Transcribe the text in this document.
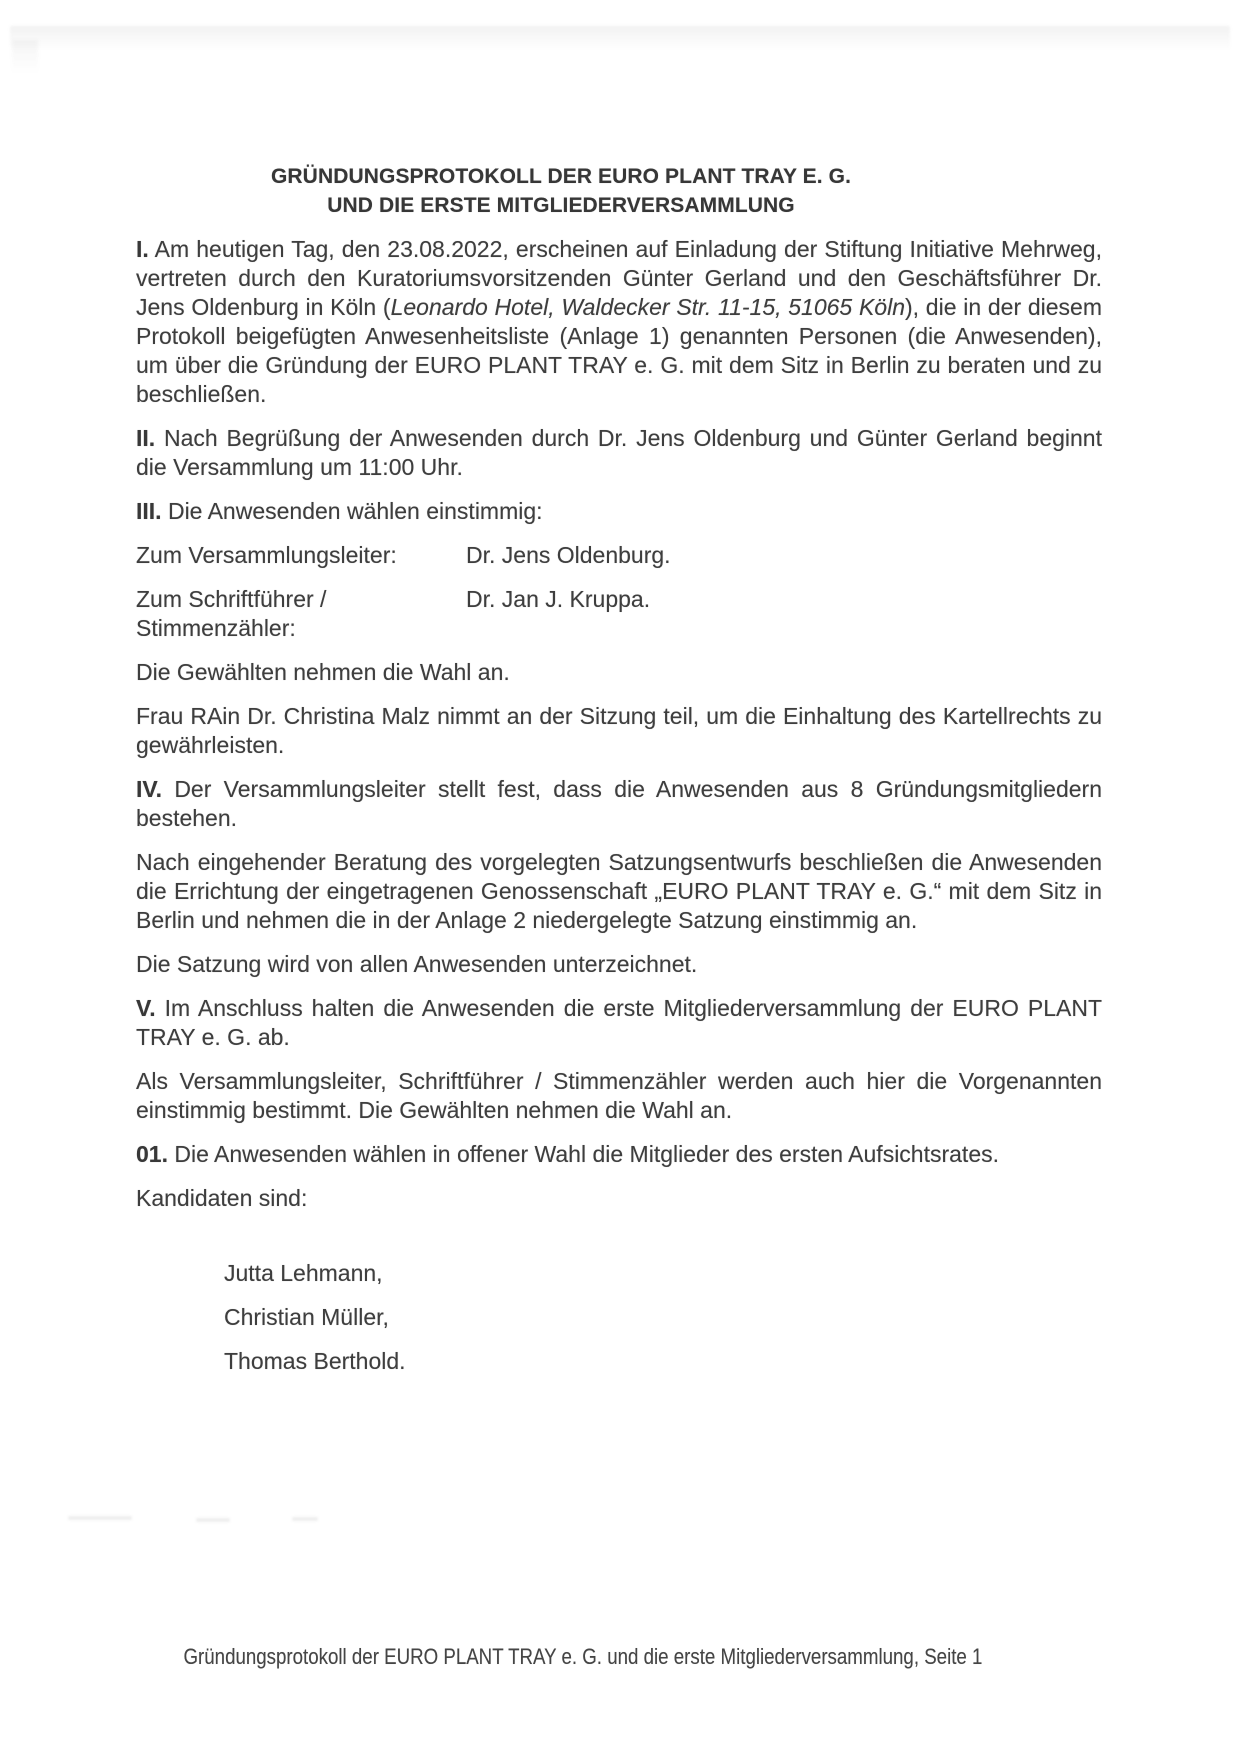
GRÜNDUNGSPROTOKOLL DER EURO PLANT TRAY E. G.
UND DIE ERSTE MITGLIEDERVERSAMMLUNG

I. Am heutigen Tag, den 23.08.2022, erscheinen auf Einladung der Stiftung Initiative Mehrweg, vertreten durch den Kuratoriumsvorsitzenden Günter Gerland und den Geschäftsführer Dr. Jens Oldenburg in Köln (Leonardo Hotel, Waldecker Str. 11-15, 51065 Köln), die in der diesem Protokoll beigefügten Anwesenheitsliste (Anlage 1) genannten Personen (die Anwesenden), um über die Gründung der EURO PLANT TRAY e. G. mit dem Sitz in Berlin zu beraten und zu beschließen.

II. Nach Begrüßung der Anwesenden durch Dr. Jens Oldenburg und Günter Gerland beginnt die Versammlung um 11:00 Uhr.

III. Die Anwesenden wählen einstimmig:

Zum Versammlungsleiter:	Dr. Jens Oldenburg.
Zum Schriftführer / Stimmenzähler:
Dr. Jan J. Kruppa.

Die Gewählten nehmen die Wahl an.

Frau RAin Dr. Christina Malz nimmt an der Sitzung teil, um die Einhaltung des Kartellrechts zu gewährleisten.

IV. Der Versammlungsleiter stellt fest, dass die Anwesenden aus 8 Gründungsmitgliedern bestehen.

Nach eingehender Beratung des vorgelegten Satzungsentwurfs beschließen die Anwesenden die Errichtung der eingetragenen Genossenschaft „EURO PLANT TRAY e. G.“ mit dem Sitz in Berlin und nehmen die in der Anlage 2 niedergelegte Satzung einstimmig an.

Die Satzung wird von allen Anwesenden unterzeichnet.

V. Im Anschluss halten die Anwesenden die erste Mitgliederversammlung der EURO PLANT TRAY e. G. ab.

Als Versammlungsleiter, Schriftführer / Stimmenzähler werden auch hier die Vorgenannten einstimmig bestimmt. Die Gewählten nehmen die Wahl an.

01. Die Anwesenden wählen in offener Wahl die Mitglieder des ersten Aufsichtsrates.

Kandidaten sind:

Jutta Lehmann,

Christian Müller,

Thomas Berthold.

Gründungsprotokoll der EURO PLANT TRAY e. G. und die erste Mitgliederversammlung, Seite 1
